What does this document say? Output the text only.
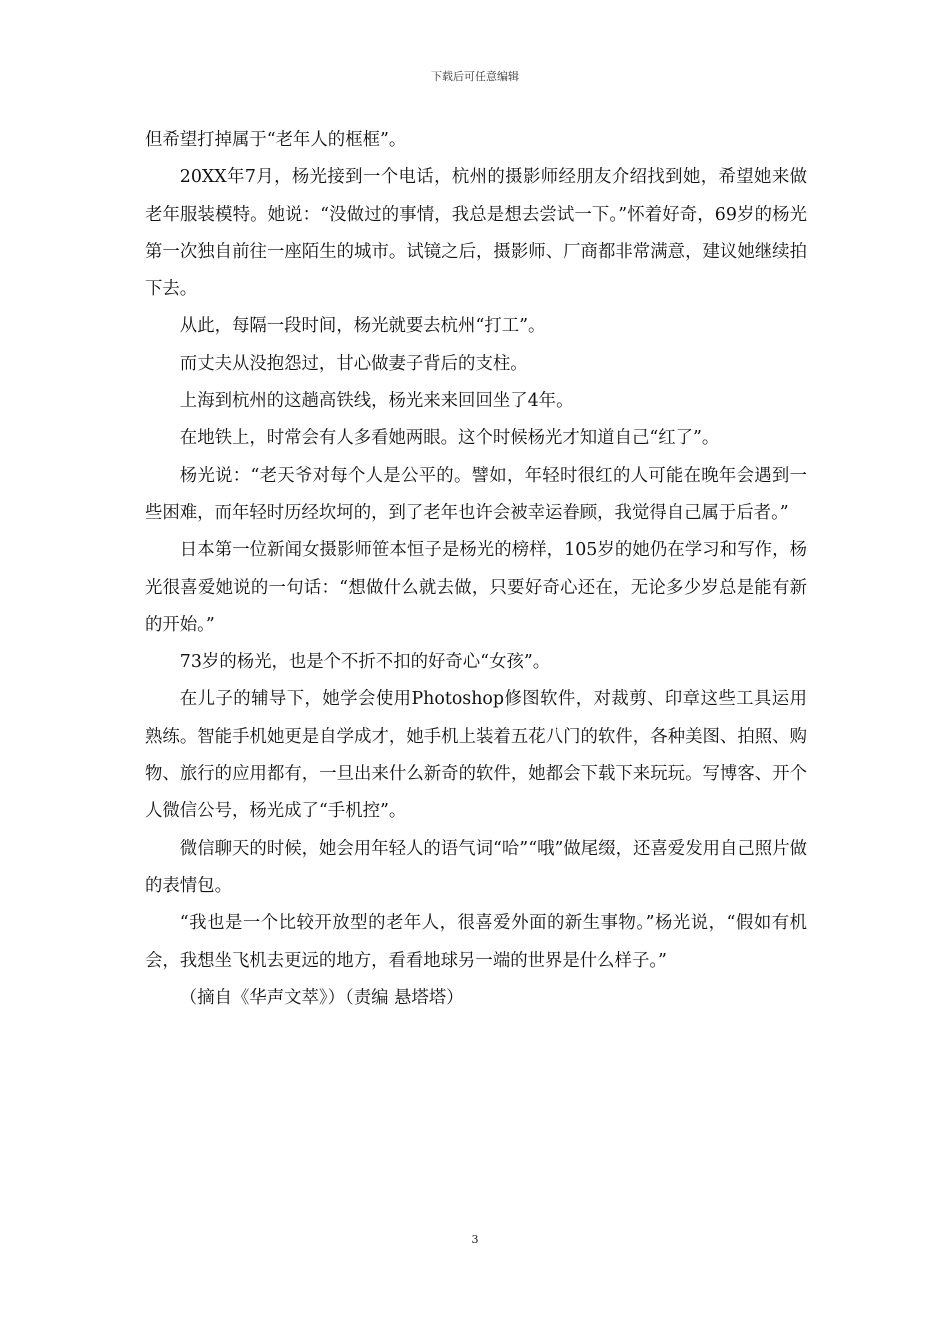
下载后可任意编辑

但希望打掉属于“老年人的框框”。

20XX年7月，杨光接到一个电话，杭州的摄影师经朋友介绍找到她，希望她来做老年服装模特。她说：“没做过的事情，我总是想去尝试一下。”怀着好奇，69岁的杨光第一次独自前往一座陌生的城市。试镜之后，摄影师、厂商都非常满意，建议她继续拍下去。

从此，每隔一段时间，杨光就要去杭州“打工”。

而丈夫从没抱怨过，甘心做妻子背后的支柱。

上海到杭州的这趟高铁线，杨光来来回回坐了4年。

在地铁上，时常会有人多看她两眼。这个时候杨光才知道自己“红了”。

杨光说：“老天爷对每个人是公平的。譬如，年轻时很红的人可能在晚年会遇到一些困难，而年轻时历经坎坷的，到了老年也许会被幸运眷顾，我觉得自己属于后者。”

日本第一位新闻女摄影师笹本恒子是杨光的榜样，105岁的她仍在学习和写作，杨光很喜爱她说的一句话：“想做什么就去做，只要好奇心还在，无论多少岁总是能有新的开始。”

73岁的杨光，也是个不折不扣的好奇心“女孩”。

在儿子的辅导下，她学会使用Photoshop修图软件，对裁剪、印章这些工具运用熟练。智能手机她更是自学成才，她手机上装着五花八门的软件，各种美图、拍照、购物、旅行的应用都有，一旦出来什么新奇的软件，她都会下载下来玩玩。写博客、开个人微信公号，杨光成了“手机控”。

微信聊天的时候，她会用年轻人的语气词“哈”“哦”做尾缀，还喜爱发用自己照片做的表情包。

“我也是一个比较开放型的老年人，很喜爱外面的新生事物。”杨光说，“假如有机会，我想坐飞机去更远的地方，看看地球另一端的世界是什么样子。”

（摘自《华声文萃》）（责编 悬塔塔）

3
